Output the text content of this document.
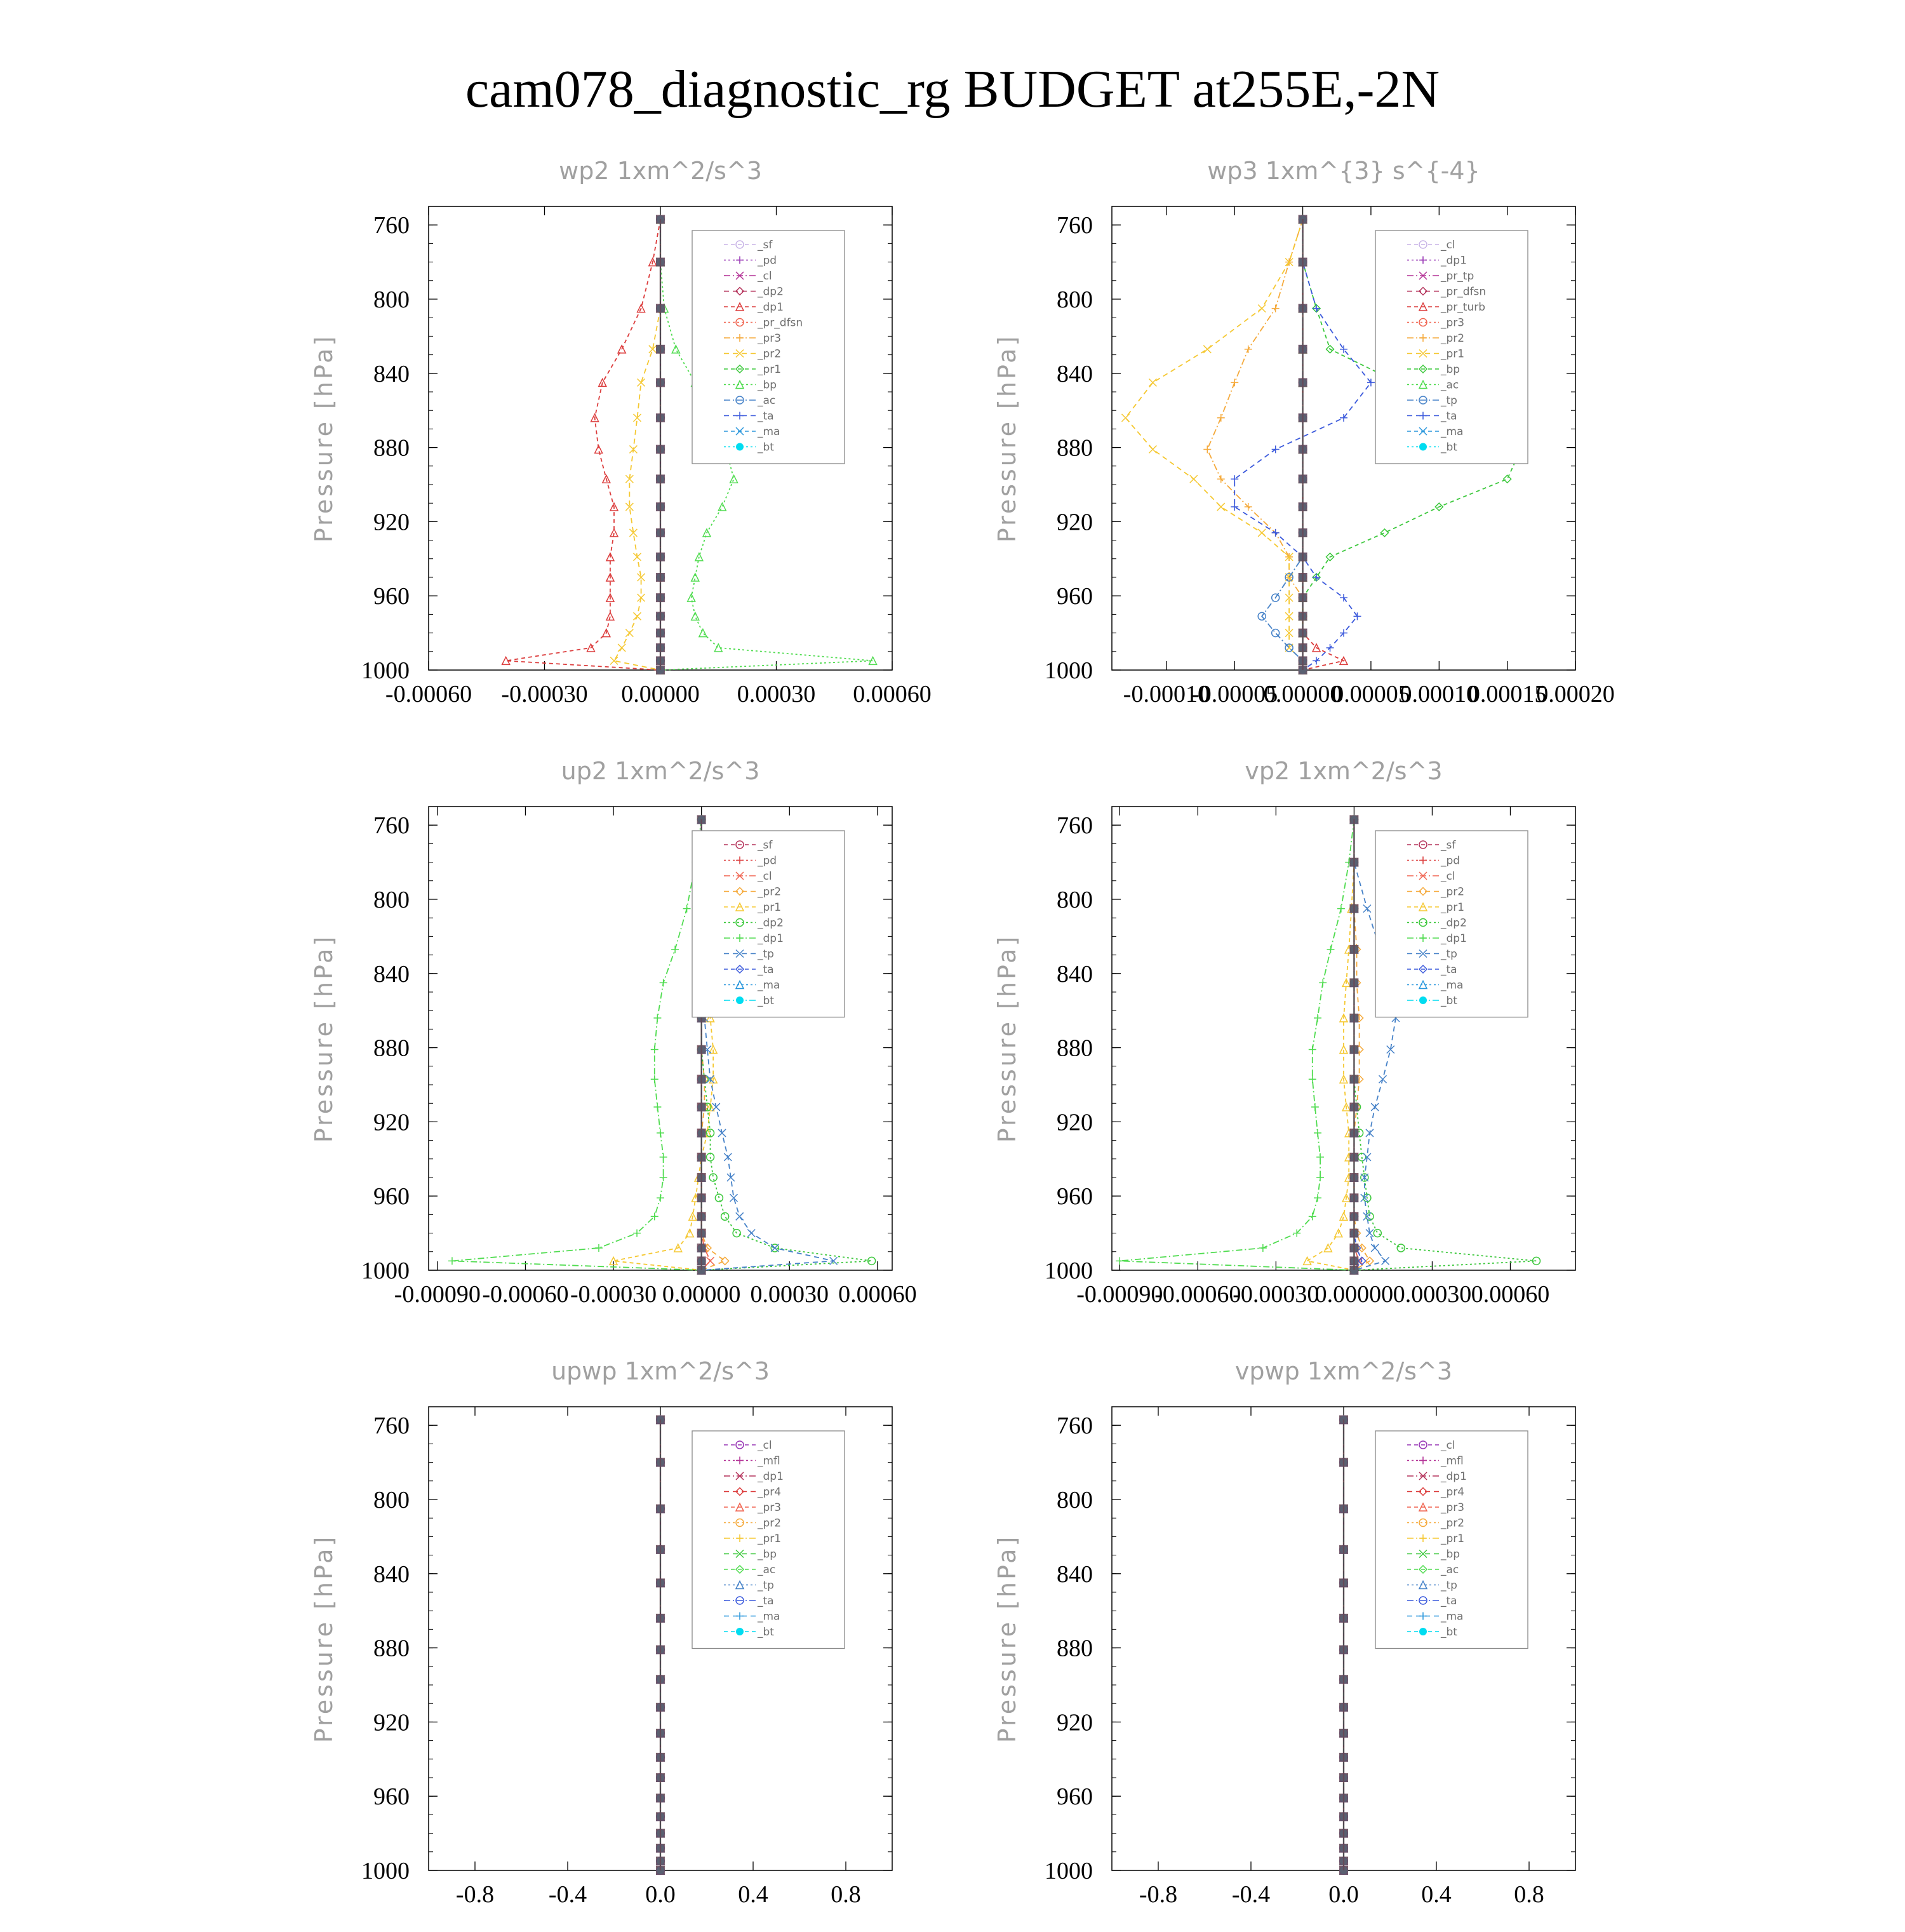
cam078_diagnostic_rg BUDGET at255E,-2N
wp2 1xm^2/s^3
Pressure [hPa]
760
800
840
880
920
960
1000
-0.00060 -0.00030 0.00000 0.00030 0.00060
_sf
_pd
_cl
_dp2
_dp1
_pr_dfsn
_pr3
_pr2
_pr1
_bp
_ac
_ta
_ma
_bt
wp3 1xm^{3} s^{-4}
Pressure [hPa]
760
800
840
880
920
960
1000
-0.00010
-0.00005
0.00000
0.00005
0.00010
0.00015
0.00020
_cl
_dp1
_pr_tp
_pr_dfsn
_pr_turb
_pr3
_pr2
_pr1
_bp
_ac
_tp
_ta
_ma
_bt
up2 1xm^2/s^3
Pressure [hPa]
760
800
840
880
920
960
1000
-0.00090 -0.00060 -0.00030 0.00000 0.00030 0.00060
_sf
_pd
_cl
_pr2
_pr1
_dp2
_dp1
_tp
_ta
_ma
_bt
vp2 1xm^2/s^3
Pressure [hPa]
760
800
840
880
920
960
1000
-0.00090
-0.00060
-0.00030
0.00000 0.00030 0.00060
_sf
_pd
_cl
_pr2
_pr1
_dp2
_dp1
_tp
_ta
_ma
_bt
upwp 1xm^2/s^3
Pressure [hPa]
760
800
840
880
920
960
1000
-0.8 -0.4 0.0	0.4	0.8
_cl
_mfl
_dp1
_pr4
_pr3
_pr2
_pr1
_bp
_ac
_tp
_ta
_ma
_bt
vpwp 1xm^2/s^3
Pressure [hPa]
760
800
840
880
920
960
1000
-0.8 -0.4 0.0	0.4	0.8
_cl
_mfl
_dp1
_pr4
_pr3
_pr2
_pr1
_bp
_ac
_tp
_ta
_ma
_bt
